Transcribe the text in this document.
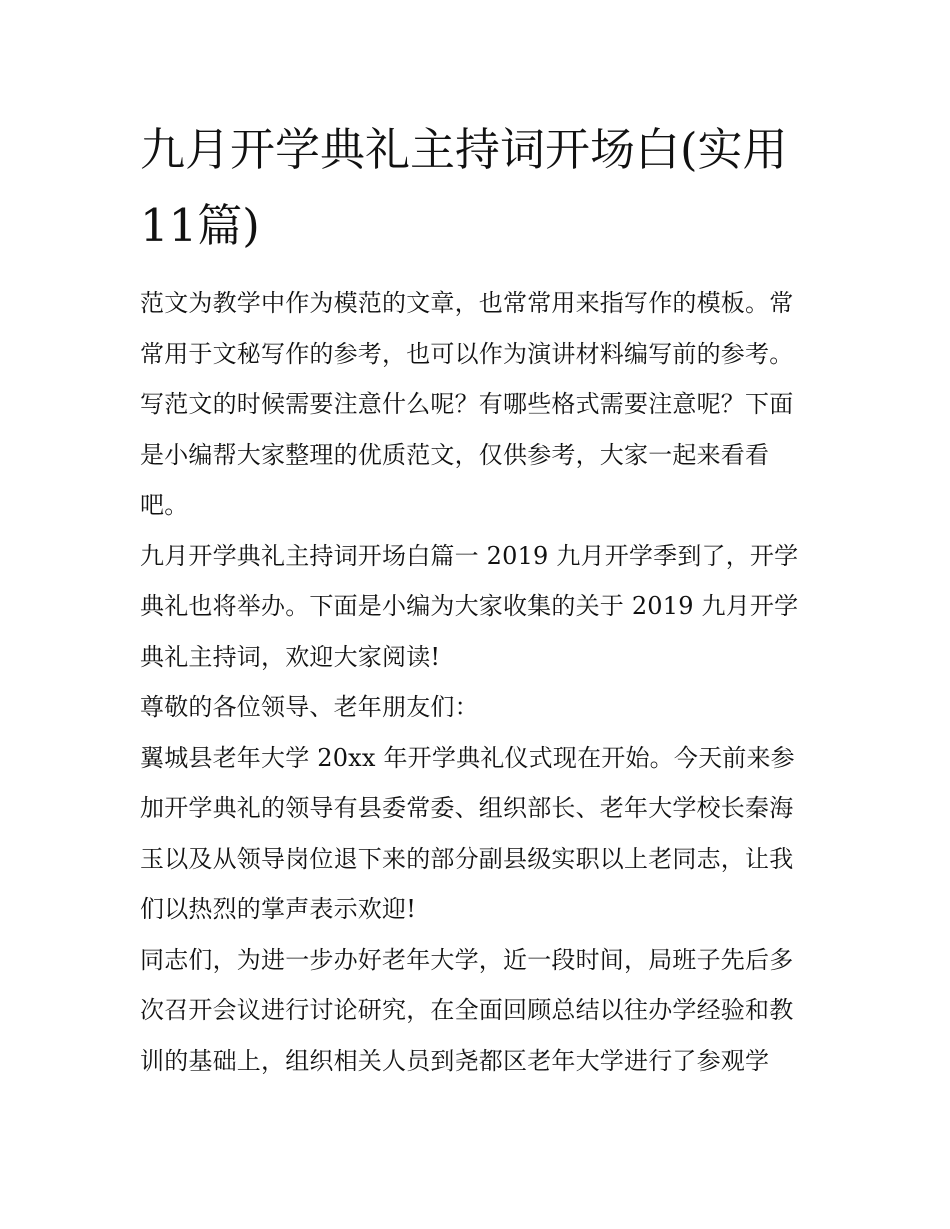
九月开学典礼主持词开场白(实用11篇)

范文为教学中作为模范的文章，也常常用来指写作的模板。常常用于文秘写作的参考，也可以作为演讲材料编写前的参考。写范文的时候需要注意什么呢？有哪些格式需要注意呢？下面是小编帮大家整理的优质范文，仅供参考，大家一起来看看吧。

九月开学典礼主持词开场白篇一 2019 九月开学季到了，开学典礼也将举办。下面是小编为大家收集的关于 2019 九月开学典礼主持词，欢迎大家阅读!

尊敬的各位领导、老年朋友们：

翼城县老年大学 20xx 年开学典礼仪式现在开始。今天前来参加开学典礼的领导有县委常委、组织部长、老年大学校长秦海玉以及从领导岗位退下来的部分副县级实职以上老同志，让我们以热烈的掌声表示欢迎!

同志们，为进一步办好老年大学，近一段时间，局班子先后多次召开会议进行讨论研究，在全面回顾总结以往办学经验和教训的基础上，组织相关人员到尧都区老年大学进行了参观学
